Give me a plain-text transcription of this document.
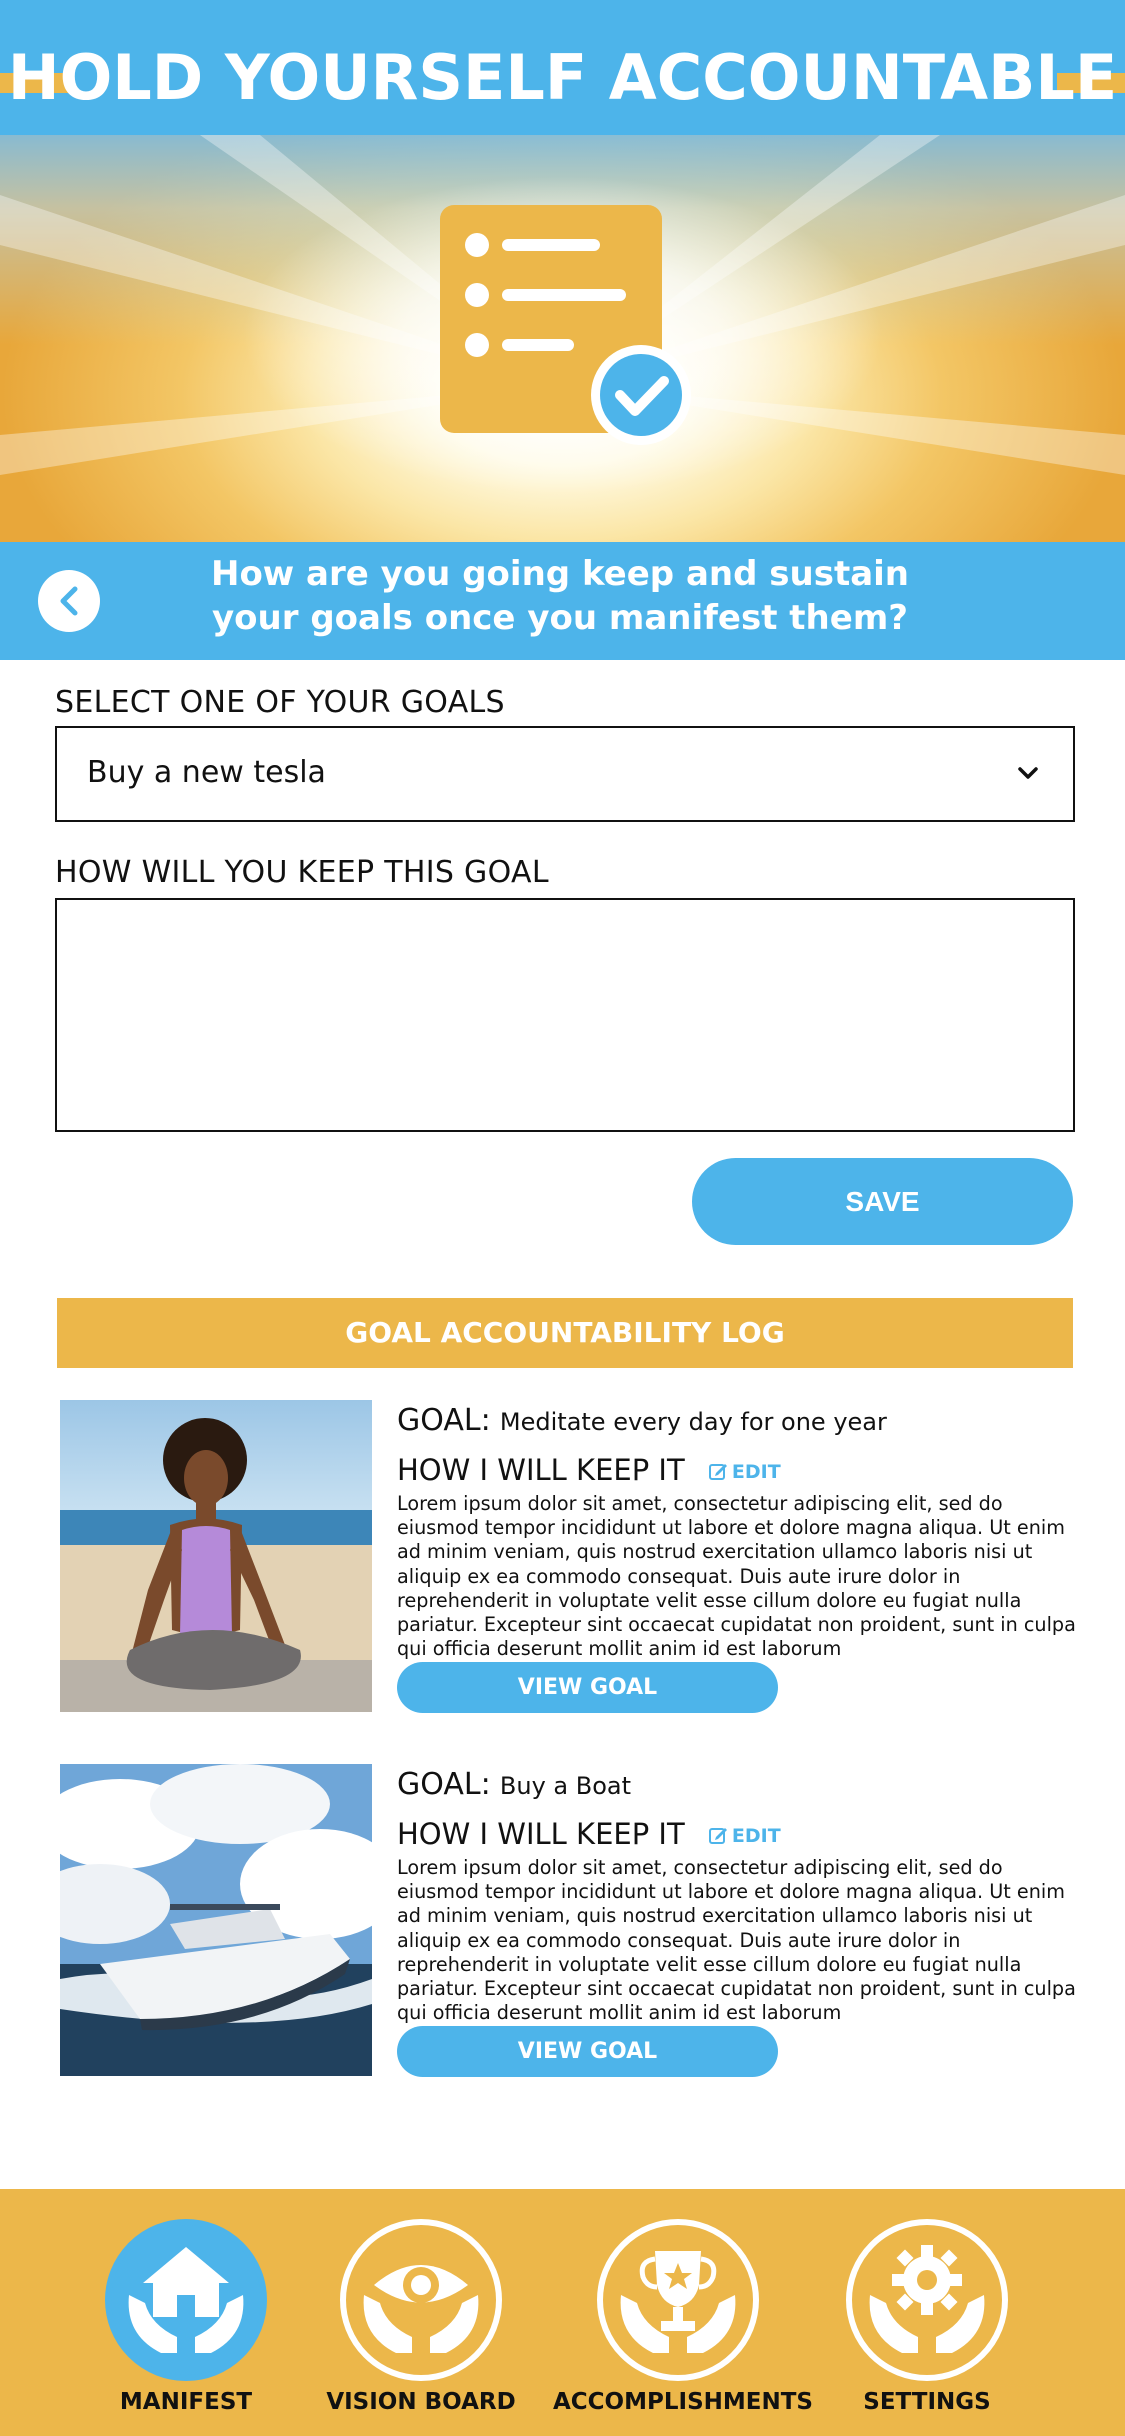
HOLD YOURSELF ACCOUNTABLE
How are you going keep and sustain
your goals once you manifest them?
SELECT ONE OF YOUR GOALS
Buy a new tesla
HOW WILL YOU KEEP THIS GOAL
SAVE
GOAL ACCOUNTABILITY LOG
GOAL: Meditate every day for one year
HOW I WILL KEEP IT EDIT
Lorem ipsum dolor sit amet, consectetur adipiscing elit, sed do eiusmod tempor incididunt ut labore et dolore magna aliqua. Ut enim ad minim veniam, quis nostrud exercitation ullamco laboris nisi ut aliquip ex ea commodo consequat. Duis aute irure dolor in reprehenderit in voluptate velit esse cillum dolore eu fugiat nulla pariatur. Excepteur sint occaecat cupidatat non proident, sunt in culpa qui officia deserunt mollit anim id est laborum
VIEW GOAL
GOAL: Buy a Boat
HOW I WILL KEEP IT EDIT
Lorem ipsum dolor sit amet, consectetur adipiscing elit, sed do eiusmod tempor incididunt ut labore et dolore magna aliqua. Ut enim ad minim veniam, quis nostrud exercitation ullamco laboris nisi ut aliquip ex ea commodo consequat. Duis aute irure dolor in reprehenderit in voluptate velit esse cillum dolore eu fugiat nulla pariatur. Excepteur sint occaecat cupidatat non proident, sunt in culpa qui officia deserunt mollit anim id est laborum
VIEW GOAL
MANIFEST	VISION BOARD	ACCOMPLISHMENTS	SETTINGS
